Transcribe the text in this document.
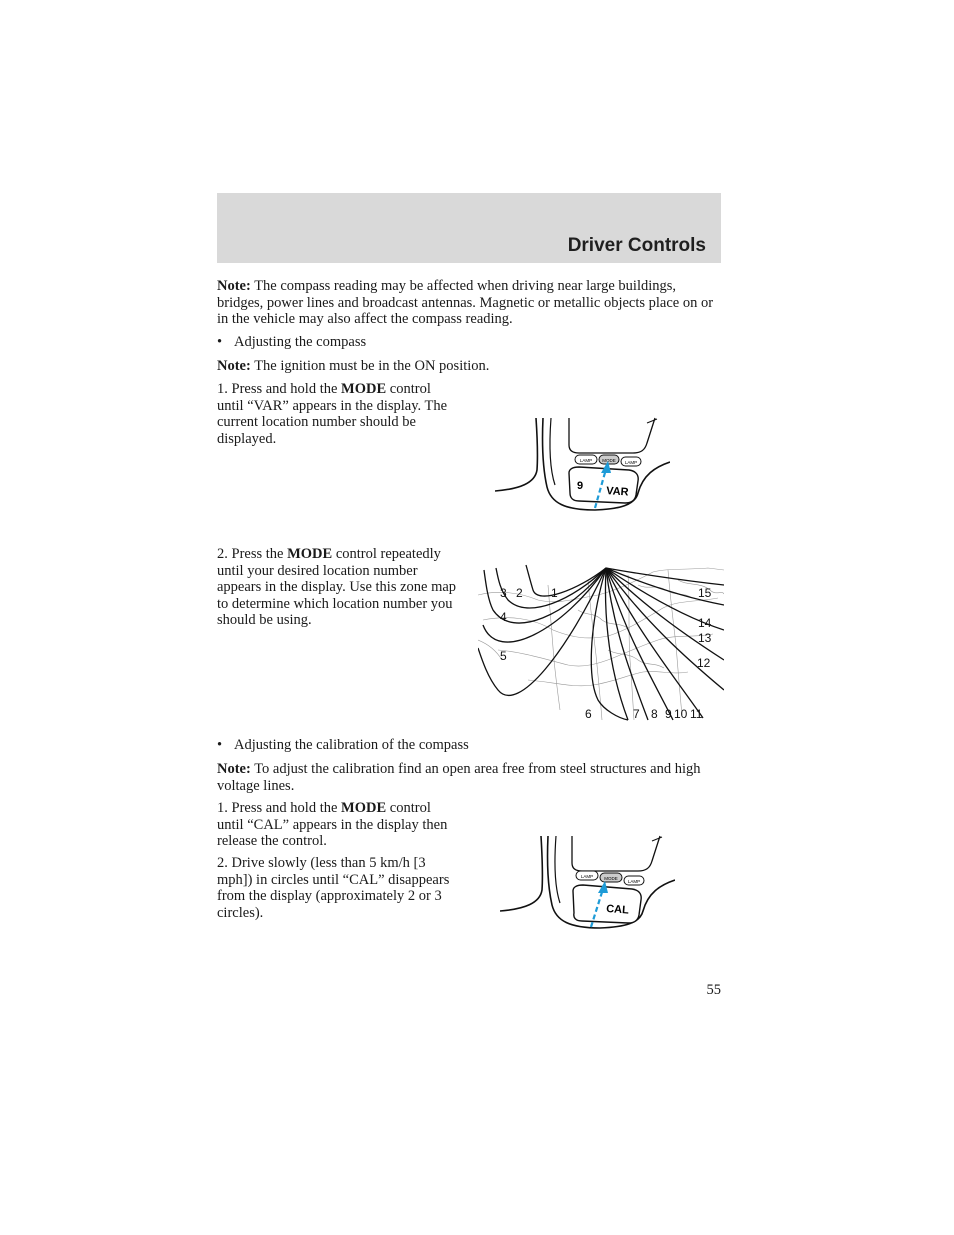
Driver Controls

Note: The compass reading may be affected when driving near large buildings, bridges, power lines and broadcast antennas. Magnetic or metallic objects place on or in the vehicle may also affect the compass reading.

• Adjusting the compass

Note: The ignition must be in the ON position.

1. Press and hold the MODE control until “VAR” appears in the display. The current location number should be displayed.

LAMP MODE LAMP
9 VAR

2. Press the MODE control repeatedly until your desired location number appears in the display. Use this zone map to determine which location number you should be using.

3 2 1
4
5
6	7 8 9 10 11
12
13
14
15
• Adjusting the calibration of the compass

Note: To adjust the calibration find an open area free from steel structures and high voltage lines.

1. Press and hold the MODE control until “CAL” appears in the display then release the control.

2. Drive slowly (less than 5 km/h [3 mph]) in circles until “CAL” disappears from the display (approximately 2 or 3 circles).

LAMP MODE
LAMP
CAL
55
